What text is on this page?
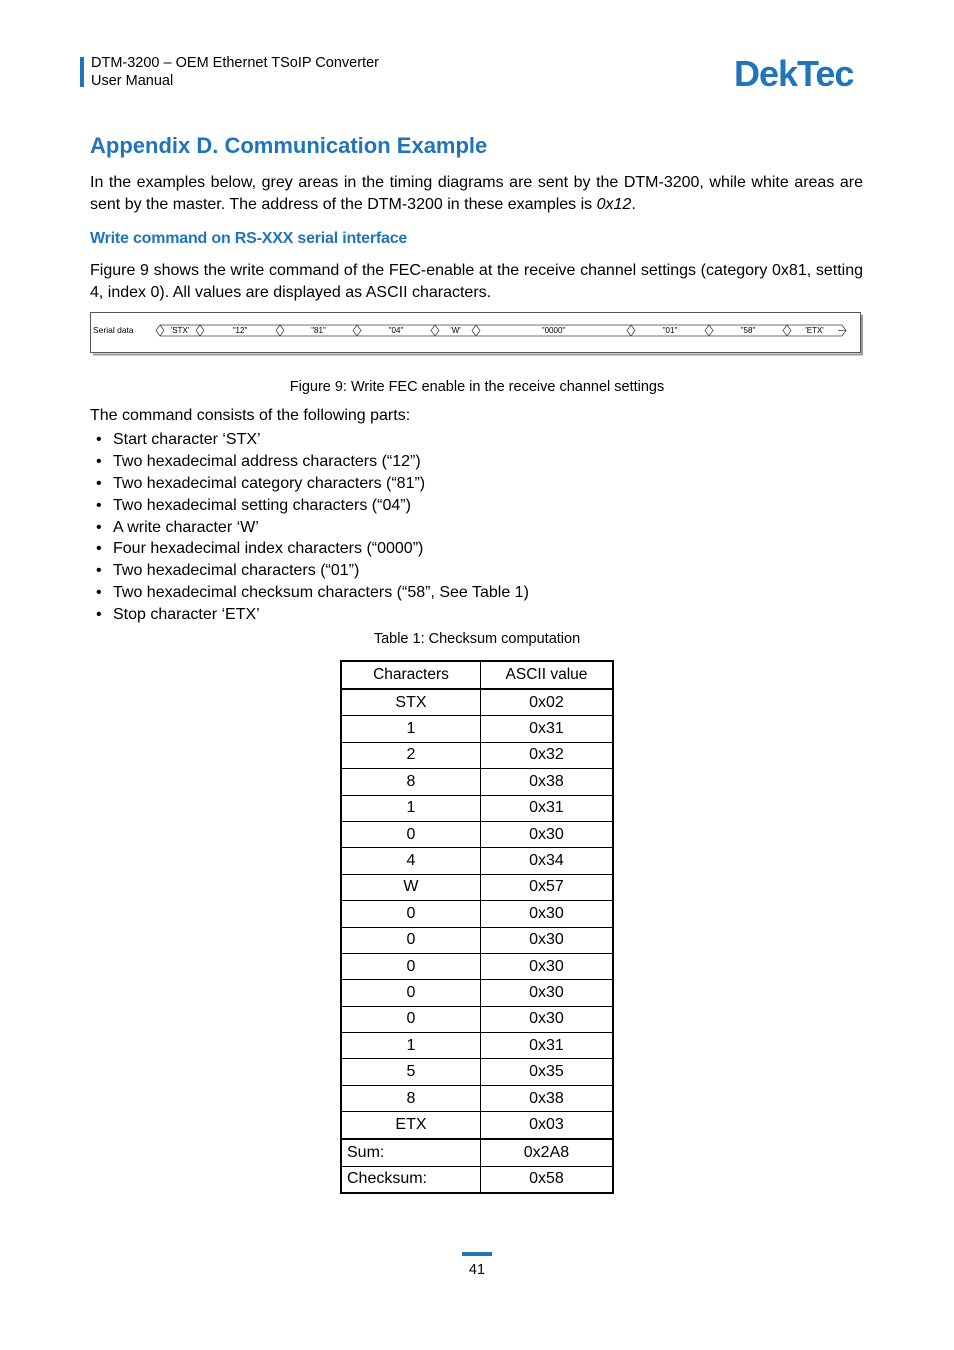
DTM-3200 – OEM Ethernet TSoIP Converter
User Manual	DekTec
Appendix D. Communication Example

In the examples below, grey areas in the timing diagrams are sent by the DTM-3200, while white areas are sent by the master. The address of the DTM-3200 in these examples is 0x12.

Write command on RS-XXX serial interface

Figure 9 shows the write command of the FEC-enable at the receive channel settings (category 0x81, setting 4, index 0). All values are displayed as ASCII characters.

Serial data	'STX'	"12"	"81"	"04"	'W'	"0000"	"01"	"58"	'ETX'

Figure 9: Write FEC enable in the receive channel settings

The command consists of the following parts:

• Start character ‘STX’
• Two hexadecimal address characters (“12”)
• Two hexadecimal category characters (“81”)
• Two hexadecimal setting characters (“04”)
• A write character ‘W’
• Four hexadecimal index characters (“0000”)
• Two hexadecimal characters (“01”)
• Two hexadecimal checksum characters (“58”, See Table 1)
• Stop character ‘ETX’

Table 1: Checksum computation

Characters	ASCII value
STX	0x02
1	0x31
2	0x32
8	0x38
1	0x31
0	0x30
4	0x34
W	0x57
0	0x30
0	0x30
0	0x30
0	0x30
0	0x30
1	0x31
5	0x35
8	0x38
ETX	0x03
Sum:	0x2A8
Checksum:	0x58

41
